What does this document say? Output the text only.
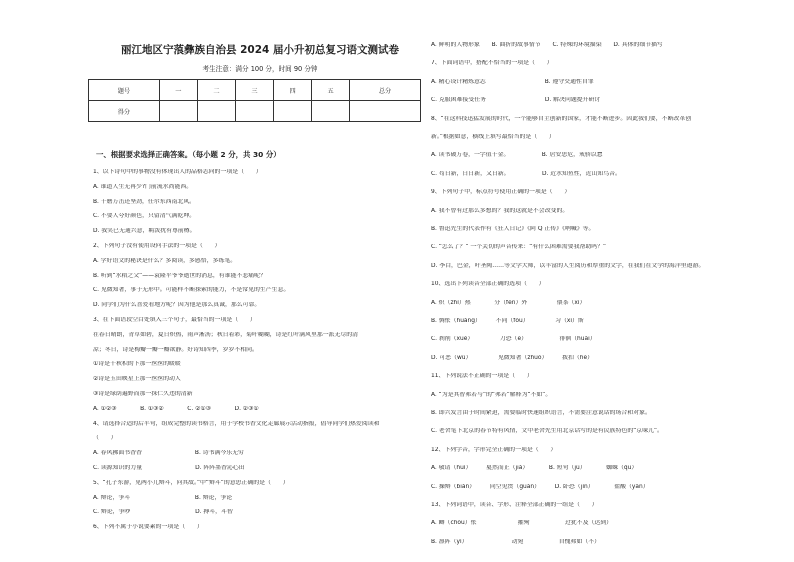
丽江地区宁蒗彝族自治县 2024 届小升初总复习语文测试卷
考生注意：满分 100 分，时间 90 分钟
题号	一	二	三	四	五	总分
得分						
一、根据要求选择正确答案。（每小题 2 分，共 30 分）
1、以下诗句中的事物没有体现出人的品格志向的一项是（　　）
A. 谁道人生无再少?门前流水尚能西。
B. 千磨万击还坚劲，任尔东西南北风。
C. 不要人夸好颜色，只留清气满乾坤。
D. 我笑已无逋兴意，羁泼扰有尊前樽。
2、下列句子没有使用设问手法的一项是（　　）
A. 学好语文的秘诀是什么？多阅读，多感悟，多练笔。
B. 听到“水稻之父”——袁隆平爷爷逝世的消息，有谁能不悲痛呢？
C. 见微知著，事于无形中。可能样不断探索的能力，不是常见的生产生息。
D. 同学们为什么喜爱看地方呢？因为他是那么真诚，那么可靠。
3、在下面语段空白处填入三个句子，最恰当的一项是（　　）
在春日晴朗，青草如碧，夏日炽热，雨声淅沥；秋日着彩，菊叶糊糊，诗是红叶满风里那一派无尽的清
凉；冬日，诗是梅瓣一瓣一瓣欲静。好诗知四季，岁岁不相同。
①诗是千秋积的下那一丝丝的暖暖
②诗是玉田映星上那一丝丝的动人
③诗是绿荫遍野而那一抹仁久违的清新
A. ①②③　　　　B. ①③②　　　　C. ②①③　　　　D. ②③①
4、请选择合适的后半句，组成完整的读书格言，用于学校书香文化走廊展示活动指报，倡导同学们热爱阅读和
（　　）
A. 春风拂面书香香　　　　　　　　　B. 诗书满今乐无穷
C. 读源知识的力量　　　　　　　　　D. 阵阵墨香沁心田
5、“孔子东游，见两小儿辩斗，问其故。”中“辩斗”的意思正确的是（　　）
A. 辩论，争斗　　　　　　　　　　　B. 辩论，争论
C. 辩论，争吵　　　　　　　　　　　D. 搏斗，斗智
6、下列不属于小说要素的一项是（　　）
A. 鲜明的人物形象　　B. 曲折的故事情节　　C. 特殊的环境描染　　D. 具体的细节描写
7、下面词语中，搭配不恰当的一项是（　　）
A. 精心设计精炼意志　　　　　　　　　　B. 遵守交通性自罪
C. 克服困难接受任务　　　　　　　　　　D. 解决问题提升研讨
8、“在这科技迅猛发展的时代，一个能够自主创新的国家，才能不断进步。因此我们要，不断改革创
新。”根据如意，横线上填写最恰当的是（　　）
A. 读书破万卷，一字值千金。　　　　　　B. 居安思危，戒骄以怠
C. 苟日新，日日新，又日新。　　　　　　D. 近水知鱼性，近山知鸟音。
9、下列句子中，标点符号使用正确的一项是（　　）
A. 我不曾有过那么多想的？我的这就是不会改变的。
B. 鲁迅先生的代表作有《狂人日记》《阿 Q 正传》《呐喊》等。
C. “怎么了？” 一个关切的声音传来：“有什么困难需要我帮助吗？”
D. 李白，巴金，叶圣陶……等文学大师，以丰富的人生阅历和厚重的文字，在我们在文学的海洋里遨游。
10、选出下列读音全部正确的选项（　　）
A. 炽（zhì）热　　　　分（fēn）外　　　　　偎茶（xì）
B. 惆怅（huáng）　　　不同（fǒu）　　　　　习（xí）斯
C. 刹削（xuē）　　　　　刀恐（è）　　　　　　徘徊（huái）
D. 可恶（wù）　　　　　见微知著（zhuó）　　　拨扣（hé）
11、下列说法不正确的一项是（　　）
A. “为是其智弗若与”的“弗若”解释为“不如”。
B. 即兴发言由于时间紧迫，需要临时快速组织语言，不需要注意说话的场合和对象。
C. 老舍笔下北京的春节特有风情，文中老舍先生用北京话写的是有民族特色的“京味儿”。
12、下列字音，字形完全正确的一项是（　　）
A. 敬请（huì）　　　戛然而止（jiá）　　　　B. 短句（jù）　　　　蜘蛛（qū）
C. 操辩（biàn）　　　同空见贯（guàn）　　　D. 卧恐（jìn）　　　　盐酸（yán）
13、下列词语中，读音、字形、注释全部正确的一组是（　　）
A. 鲫（chóu）怅　　　　　　　摧殉　　　　　　过犹不及（达到）
B. 凛阵（yí）　　　　　　　　动宛　　　　　　自愧弗如（不）
